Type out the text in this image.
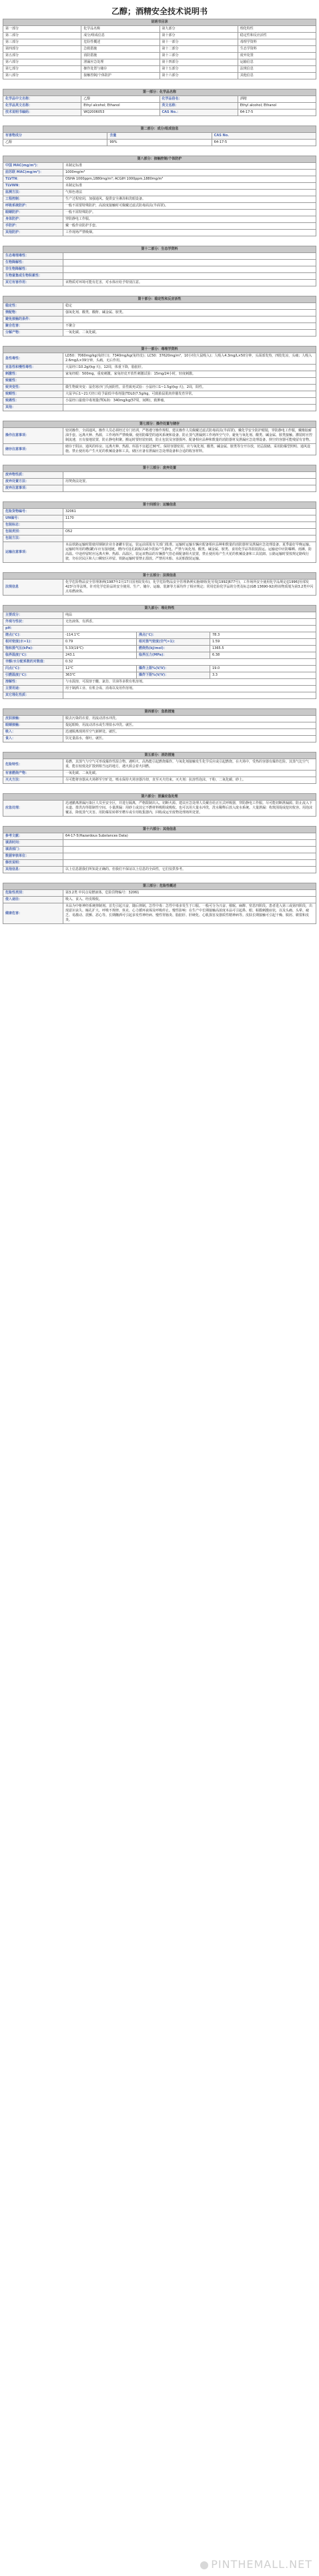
乙醇；酒精安全技术说明书
说明书目录			
第一部分	化学品名称	第九部分	理化特性
第二部分	成分/组成信息	第十部分	稳定性和反应活性
第三部分	危险性概述	第十一部分	毒理学资料
第四部分	急救措施	第十二部分	生态学资料
第五部分	消防措施	第十三部分	废弃处置
第六部分	泄漏应急处理	第十四部分	运输信息
第七部分	操作处置与储存	第十五部分	法规信息
第八部分	接触控制/个体防护	第十六部分	其他信息
第一部分：化学品名称			
化学品中文名称：	乙醇	化学品俗名：	酒精
化学品英文名称：	Ethyl alcohol; Ethanol	英文名称：	Ethyl alcohol; Ethanol
技术说明书编码：	WQ2006053	CAS No.：	64-17-5
第二部分：成分/组成信息		
有害物成分	含量	CAS No.
乙醇	99%	64-17-5
第八部分：接触控制/个体防护	
中国 MAC(mg/m³)：	未制定标准
前苏联 MAC(mg/m³)：	1000mg/m³
TLVTN：	OSHA 1000ppm,1880mg/m³; ACGIH 1000ppm,1880mg/m³
TLVWN：	未制定标准
监测方法：	气相色谱法
工程控制：	生产过程密闭，加强通风。提供安全淋浴和洗眼设备。
呼吸系统防护：	一般不需要特殊防护，高浓度接触时可佩戴过滤式防毒面具(半面罩)。
眼睛防护：	一般不需特殊防护。
身体防护：	穿防静电工作服。
手防护：	戴一般作业防护手套。
其他防护：	工作现场严禁吸烟。
第十二部分：生态学资料	
生态毒理毒性：	
生物降解性：	
非生物降解性：	
生物富集或生物积累性：	
其它有害作用：	该物质对环境可能有危害，对水体应给予特别注意。
第十部分：稳定性和反应活性	
稳定性：	稳定
禁配物：	强氧化剂、酸类、酸酐、碱金属、胺类。
避免接触的条件：	
聚合危害：	不聚合
分解产物：	一氧化碳、二氧化碳。
第十一部分：毒理学资料	
急性毒性：	LD50：7060mg/kg(兔经口)；7340mg/kg(兔经皮)；LC50：37620mg/m³，10小时(大鼠吸入)；人吸入4.3mg/L×50分钟，头面部发热，四肢发凉，头痛；人吸入2.6mg/L×39分钟，头痛，无后作用。
亚急性和慢性毒性：	大鼠经口10.2g/(kg·天)，12周，体重下降，脂肪肝。
刺激性：	家兔经眼：500mg，重度刺激。家兔经皮开放性刺激试验：15mg/24小时，轻度刺激。
致敏性：	
致突变性：	微生物致突变：鼠伤寒沙门氏菌阴性。显性致死试验：小鼠经口1~1.5g/(kg·天)，2周，阳性。
致畸性：	大鼠孕后1~21天经口给予最低中毒剂量(TDL0)7.5g/kg，可致胎鼠肌肉骨骼发育异常。
致癌性：	小鼠经口最低中毒剂量(TDL0)：340mg/kg(57周，间断)，致肿瘤。
其他：	
第七部分：操作处置与储存	
操作注意事项：	密闭操作，全面通风。操作人员必须经过专门培训，严格遵守操作规程。建议操作人员佩戴过滤式防毒面具(半面罩)，戴化学安全防护眼镜，穿防静电工作服，戴橡胶耐油手套。远离火种、热源，工作场所严禁吸烟。使用防爆型的通风系统和设备。防止蒸气泄漏到工作场所空气中。避免与氧化剂、酸类、碱金属、胺类接触。灌装时应控制流速，且有接地装置，防止静电积聚。搬运时要轻装轻卸，防止包装及容器损坏。配备相应品种和数量的消防器材及泄漏应急处理设备。倒空的容器可能残留有害物。
储存注意事项：	储存于阴凉、通风的库房。远离火种、热源。库温不宜超过30℃。保持容器密封。应与氧化剂、酸类、碱金属、胺类等分开存放，切忌混储。采用防爆型照明、通风设施。禁止使用易产生火花的机械设备和工具。储区应备有泄漏应急处理设备和合适的收容材料。
第十三部分：废弃处置	
废弃物性质：	
废弃处置方法：	用焚烧法处置。
废弃注意事项：	
第十四部分：运输信息	
危险货物编号：	32061
UN编号：	1170
包装标志：	
包装类别：	O52
包装方法：	
运输注意事项：	本品铁路运输时限使用钢制企业自备罐车装运，装运前需报有关部门批准。运输时运输车辆应配备相应品种和数量的消防器材及泄漏应急处理设备。夏季最好早晚运输。运输时所用的槽(罐)车应有接地链，槽内可设孔隔板以减少震荡产生静电。严禁与氧化剂、酸类、碱金属、胺类、食用化学品等混装混运。运输途中应防曝晒、雨淋，防高温。中途停留时应远离火种、热源、高温区。装运该物品的车辆排气管必须配备阻火装置，禁止使用易产生火花的机械设备和工具装卸。公路运输时要按规定路线行驶，勿在居民区和人口稠密区停留。铁路运输时要禁止溜放。严禁用木船、水泥船散装运输。
第十五部分：法规信息
法规信息	化学危险物品安全管理条例(1987年2月17日国务院发布)，化学危险物品安全管理条例实施细则(化劳发[1992]677号)，工作场所安全使用化学品规定([1996]劳部发423号)等法规，针对化学危险品的安全使用、生产、储存、运输、装卸等方面均作了相应规定；常用危险化学品的分类及标志(GB 13690-92)将该物质划为第3.2类中闪点易燃液体。
第九部分：理化特性			
主要成分：	纯品		
外观与性状：	无色液体，有酒香。		
pH：			
熔点(℃)：	-114.1℃	沸点(℃)：	78.3
相对密度(水=1)：	0.79	相对蒸气密度(空气=1)：	1.59
饱和蒸气压(kPa)：	5.33(19℃)	燃烧热(kJ/mol)：	1365.5
临界温度(℃)：	243.1	临界压力(MPa)：	6.38
辛醇/水分配系数的对数值：	0.32		
闪点(℃)：	12℃	爆炸上限%(V/V)：	19.0
引燃温度(℃)：	363℃	爆炸下限%(V/V)：	3.3
溶解性：	与水混溶，可混溶于醚、氯仿、甘油等多数有机溶剂。		
主要用途：	用于制酒工业、有机合成、消毒以及用作溶剂。		
其它理化性质：			
第四部分：急救措施	
皮肤接触：	脱去污染的衣着，用流动清水冲洗。
眼睛接触：	提起眼睑，用流动清水或生理盐水冲洗。就医。
吸入：	迅速脱离现场至空气新鲜处。就医。
食入：	饮足量温水，催吐。就医。
第五部分：消防措施	
危险特性：	易燃，其蒸气与空气可形成爆炸性混合物。遇明火、高热能引起燃烧爆炸。与氧化剂接触发生化学反应或引起燃烧。在火场中，受热的容器有爆炸危险。其蒸气比空气重，能在较低处扩散到相当远的地方，遇火源会着火回燃。
有害燃烧产物：	一氧化碳、二氧化碳。
灭火方法：	尽可能将容器从火场移至空旷处。喷水保持火场容器冷却，直至灭火结束。灭火剂：抗溶性泡沫、干粉、二氧化碳、砂土。
第六部分：泄漏应急处理
应急处理：	迅速撤离泄漏污染区人员至安全区，并进行隔离，严格限制出入。切断火源。建议应急处理人员戴自给正压式呼吸器，穿防静电工作服。尽可能切断泄漏源。防止流入下水道、排洪沟等限制性空间。小量泄漏：用砂土或其它不燃材料吸附或吸收。也可以用大量水冲洗，洗水稀释后放入废水系统。大量泄漏：构筑围堤或挖坑收容。用泡沫覆盖，降低蒸气灾害。用防爆泵转移至槽车或专用收集器内，回收或运至废物处理场所处置。
第十六部分：其他信息	
参考文献：	64-17-5(Hazardous Substances Data)
填表时间：	
填表部门：	
数据审核单位：	
修改说明：	
其他信息：	以上信息据我们所知是正确的。但我们不保证以上信息的全面性，它们仅供参考。
第三部分：危险性概述	
危险性类别：	第3.2类 中闪点易燃液体。危险货物编号：32061
侵入途径：	吸入、食入、经皮吸收。
健康危害：	本品为中枢神经系统抑制剂。首先引起兴奋，随后抑制。急性中毒：急性中毒多发生于口服。一般可分为兴奋、催眠、麻醉、窒息四阶段。患者进入第三或第四阶段，出现意识丧失、瞳孔扩大、呼吸不规律、休克、心力循环衰竭及呼吸停止。慢性影响：在生产中长期接触高浓度本品可引起鼻、眼、粘膜刺激症状，以及头痛、头晕、疲乏、易激动、震颤、恶心等。长期酗酒可引起多发性神经病、慢性胃肠炎、脂肪肝、肝硬化、心肌损害及器质性精神病等。皮肤长期接触可引起干燥、脱屑、皲裂和皮炎。
PINTHEMALL.NET
